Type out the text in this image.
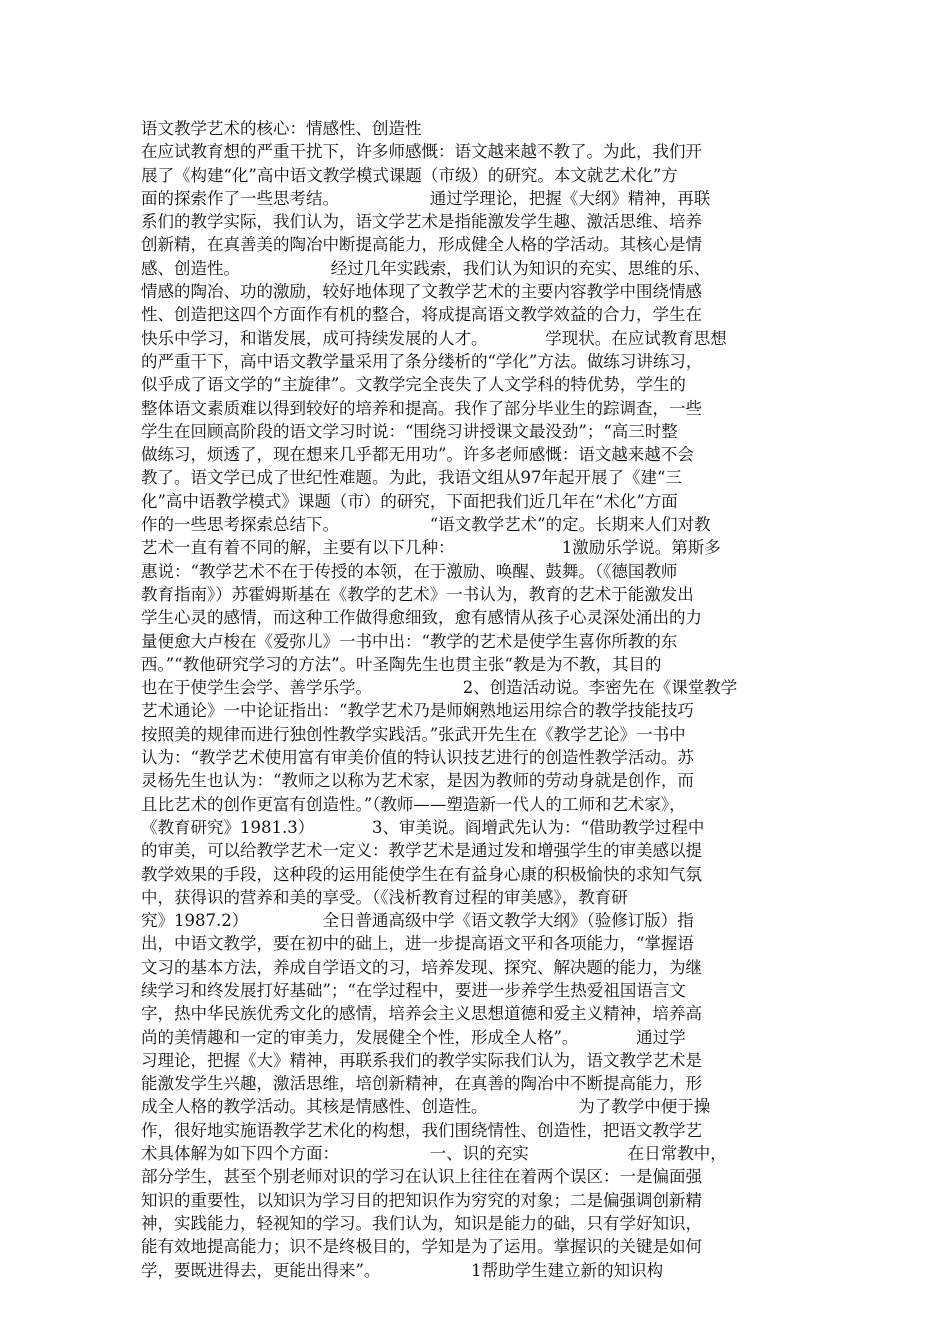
语文教学艺术的核心：情感性、创造性
在应试教育想的严重干扰下，许多师感慨：语文越来越不教了。为此，我们开
展了《构建“化”高中语文教学模式课题（市级）的研究。本文就艺术化”方
面的探索作了一些思考结。　　　　　　通过学理论，把握《大纲》精神，再联
系们的教学实际，我们认为，语文学艺术是指能激发学生趣、激活思维、培养
创新精，在真善美的陶冶中断提高能力，形成健全人格的学活动。其核心是情
感、创造性。　　　　　　经过几年实践索，我们认为知识的充实、思维的乐、
情感的陶冶、功的激励，较好地体现了文教学艺术的主要内容教学中围绕情感
性、创造把这四个方面作有机的整合，将成提高语文教学效益的合力，学生在
快乐中学习，和谐发展，成可持续发展的人才。　　　　学现状。在应试教育思想
的严重干下，高中语文教学量采用了条分缕析的“学化”方法。做练习讲练习，
似乎成了语文学的“主旋律”。文教学完全丧失了人文学科的特优势，学生的
整体语文素质难以得到较好的培养和提高。我作了部分毕业生的踪调查，一些
学生在回顾高阶段的语文学习时说：“围绕习讲授课文最没劲”；“高三时整
做练习，烦透了，现在想来几乎都无用功”。许多老师感慨：语文越来越不会
教了。语文学已成了世纪性难题。为此，我语文组从97年起开展了《建“三
化”高中语教学模式》课题（市）的研究，下面把我们近几年在“术化”方面
作的一些思考探索总结下。　　　　　　“语文教学艺术”的定。长期来人们对教
艺术一直有着不同的解，主要有以下几种：　　　　　　　1激励乐学说。第斯多
惠说：“教学艺术不在于传授的本领，在于激励、唤醒、鼓舞。（《德国教师
教育指南》）苏霍姆斯基在《教学的艺术》一书认为，教育的艺术于能激发出
学生心灵的感情，而这种工作做得愈细致，愈有感情从孩子心灵深处涌出的力
量便愈大卢梭在《爱弥儿》一书中出：“教学的艺术是使学生喜你所教的东
西。”“教他研究学习的方法”。叶圣陶先生也贯主张“教是为不教，其目的
也在于使学生会学、善学乐学。　　　　　　2、创造活动说。李密先在《课堂教学
艺术通论》一中论证指出：“教学艺术乃是师娴熟地运用综合的教学技能技巧
按照美的规律而进行独创性教学实践活。”张武开先生在《教学艺论》一书中
认为：“教学艺术使用富有审美价值的特认识技艺进行的创造性教学活动。苏
灵杨先生也认为：“教师之以称为艺术家，是因为教师的劳动身就是创作，而
且比艺术的创作更富有创造性。”（教师——塑造新一代人的工师和艺术家》，
《教育研究》1981.3）　　　　3、审美说。阎增武先认为：“借助教学过程中
的审美，可以给教学艺术一定义：教学艺术是通过发和增强学生的审美感以提
教学效果的手段，这种段的运用能使学生在有益身心康的积极愉快的求知气氛
中，获得识的营养和美的享受。（《浅析教育过程的审美感》，教育研
究》1987.2）　　　　　全日普通高级中学《语文教学大纲》（验修订版）指
出，中语文教学，要在初中的础上，进一步提高语文平和各项能力，“掌握语
文习的基本方法，养成自学语文的习，培养发现、探究、解决题的能力，为继
续学习和终发展打好基础”；“在学过程中，要进一步养学生热爱祖国语言文
字，热中华民族优秀文化的感情，培养会主义思想道德和爱主义精神，培养高
尚的美情趣和一定的审美力，发展健全个性，形成全人格”。　　　　通过学
习理论，把握《大》精神，再联系我们的教学实际我们认为，语文教学艺术是
能激发学生兴趣，激活思维，培创新精神，在真善的陶冶中不断提高能力，形
成全人格的教学活动。其核是情感性、创造性。　　　　　　为了教学中便于操
作，很好地实施语教学艺术化的构想，我们围绕情性、创造性，把语文教学艺
术具体解为如下四个方面：　　　　　　一、识的充实　　　　　　在日常教中，
部分学生，甚至个别老师对识的学习在认识上往往在着两个误区：一是偏面强
知识的重要性，以知识为学习目的把知识作为穷究的对象；二是偏强调创新精
神，实践能力，轻视知的学习。我们认为，知识是能力的础，只有学好知识，
能有效地提高能力；识不是终极目的，学知是为了运用。掌握识的关键是如何
学，要既进得去，更能出得来”。　　　　　　1帮助学生建立新的知识构
